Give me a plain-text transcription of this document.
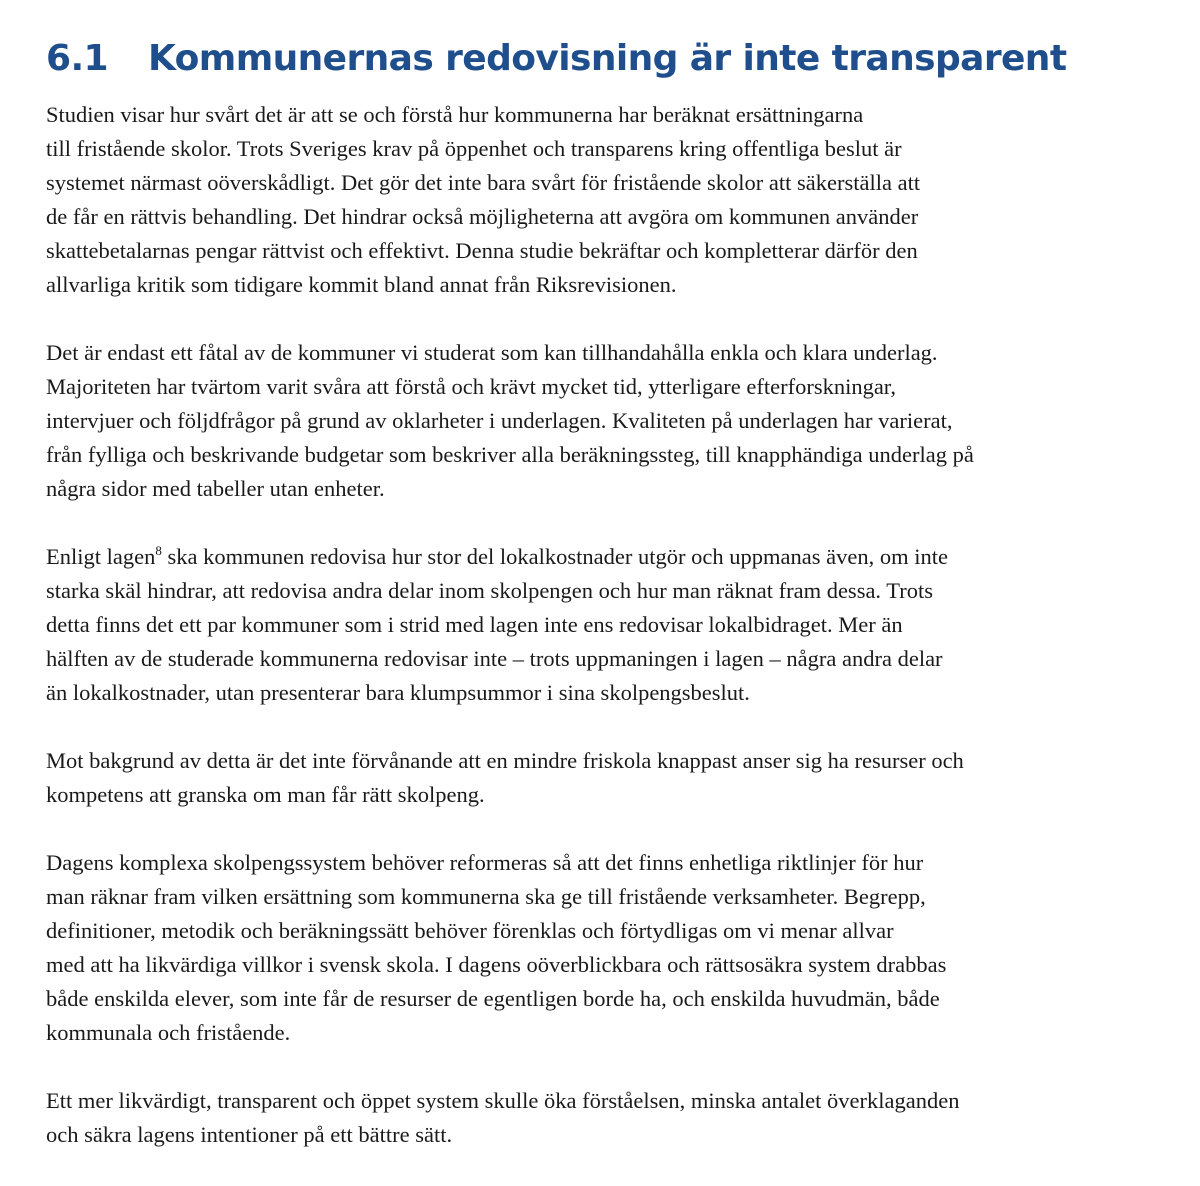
6.1 Kommunernas redovisning är inte transparent

Studien visar hur svårt det är att se och förstå hur kommunerna har beräknat ersättningarna
till fristående skolor. Trots Sveriges krav på öppenhet och transparens kring offentliga beslut är
systemet närmast oöverskådligt. Det gör det inte bara svårt för fristående skolor att säkerställa att
de får en rättvis behandling. Det hindrar också möjligheterna att avgöra om kommunen använder
skattebetalarnas pengar rättvist och effektivt. Denna studie bekräftar och kompletterar därför den
allvarliga kritik som tidigare kommit bland annat från Riksrevisionen.

Det är endast ett fåtal av de kommuner vi studerat som kan tillhandahålla enkla och klara underlag.
Majoriteten har tvärtom varit svåra att förstå och krävt mycket tid, ytterligare efterforskningar,
intervjuer och följdfrågor på grund av oklarheter i underlagen. Kvaliteten på underlagen har varierat,
från fylliga och beskrivande budgetar som beskriver alla beräkningssteg, till knapphändiga underlag på
några sidor med tabeller utan enheter.

Enligt lagen$^8$ ska kommunen redovisa hur stor del lokalkostnader utgör och uppmanas även, om inte
starka skäl hindrar, att redovisa andra delar inom skolpengen och hur man räknat fram dessa. Trots
detta finns det ett par kommuner som i strid med lagen inte ens redovisar lokalbidraget. Mer än
hälften av de studerade kommunerna redovisar inte – trots uppmaningen i lagen – några andra delar
än lokalkostnader, utan presenterar bara klumpsummor i sina skolpengsbeslut.

Mot bakgrund av detta är det inte förvånande att en mindre friskola knappast anser sig ha resurser och
kompetens att granska om man får rätt skolpeng.

Dagens komplexa skolpengssystem behöver reformeras så att det finns enhetliga riktlinjer för hur
man räknar fram vilken ersättning som kommunerna ska ge till fristående verksamheter. Begrepp,
definitioner, metodik och beräkningssätt behöver förenklas och förtydligas om vi menar allvar
med att ha likvärdiga villkor i svensk skola. I dagens oöverblickbara och rättsosäkra system drabbas
både enskilda elever, som inte får de resurser de egentligen borde ha, och enskilda huvudmän, både
kommunala och fristående.

Ett mer likvärdigt, transparent och öppet system skulle öka förståelsen, minska antalet överklaganden
och säkra lagens intentioner på ett bättre sätt.
